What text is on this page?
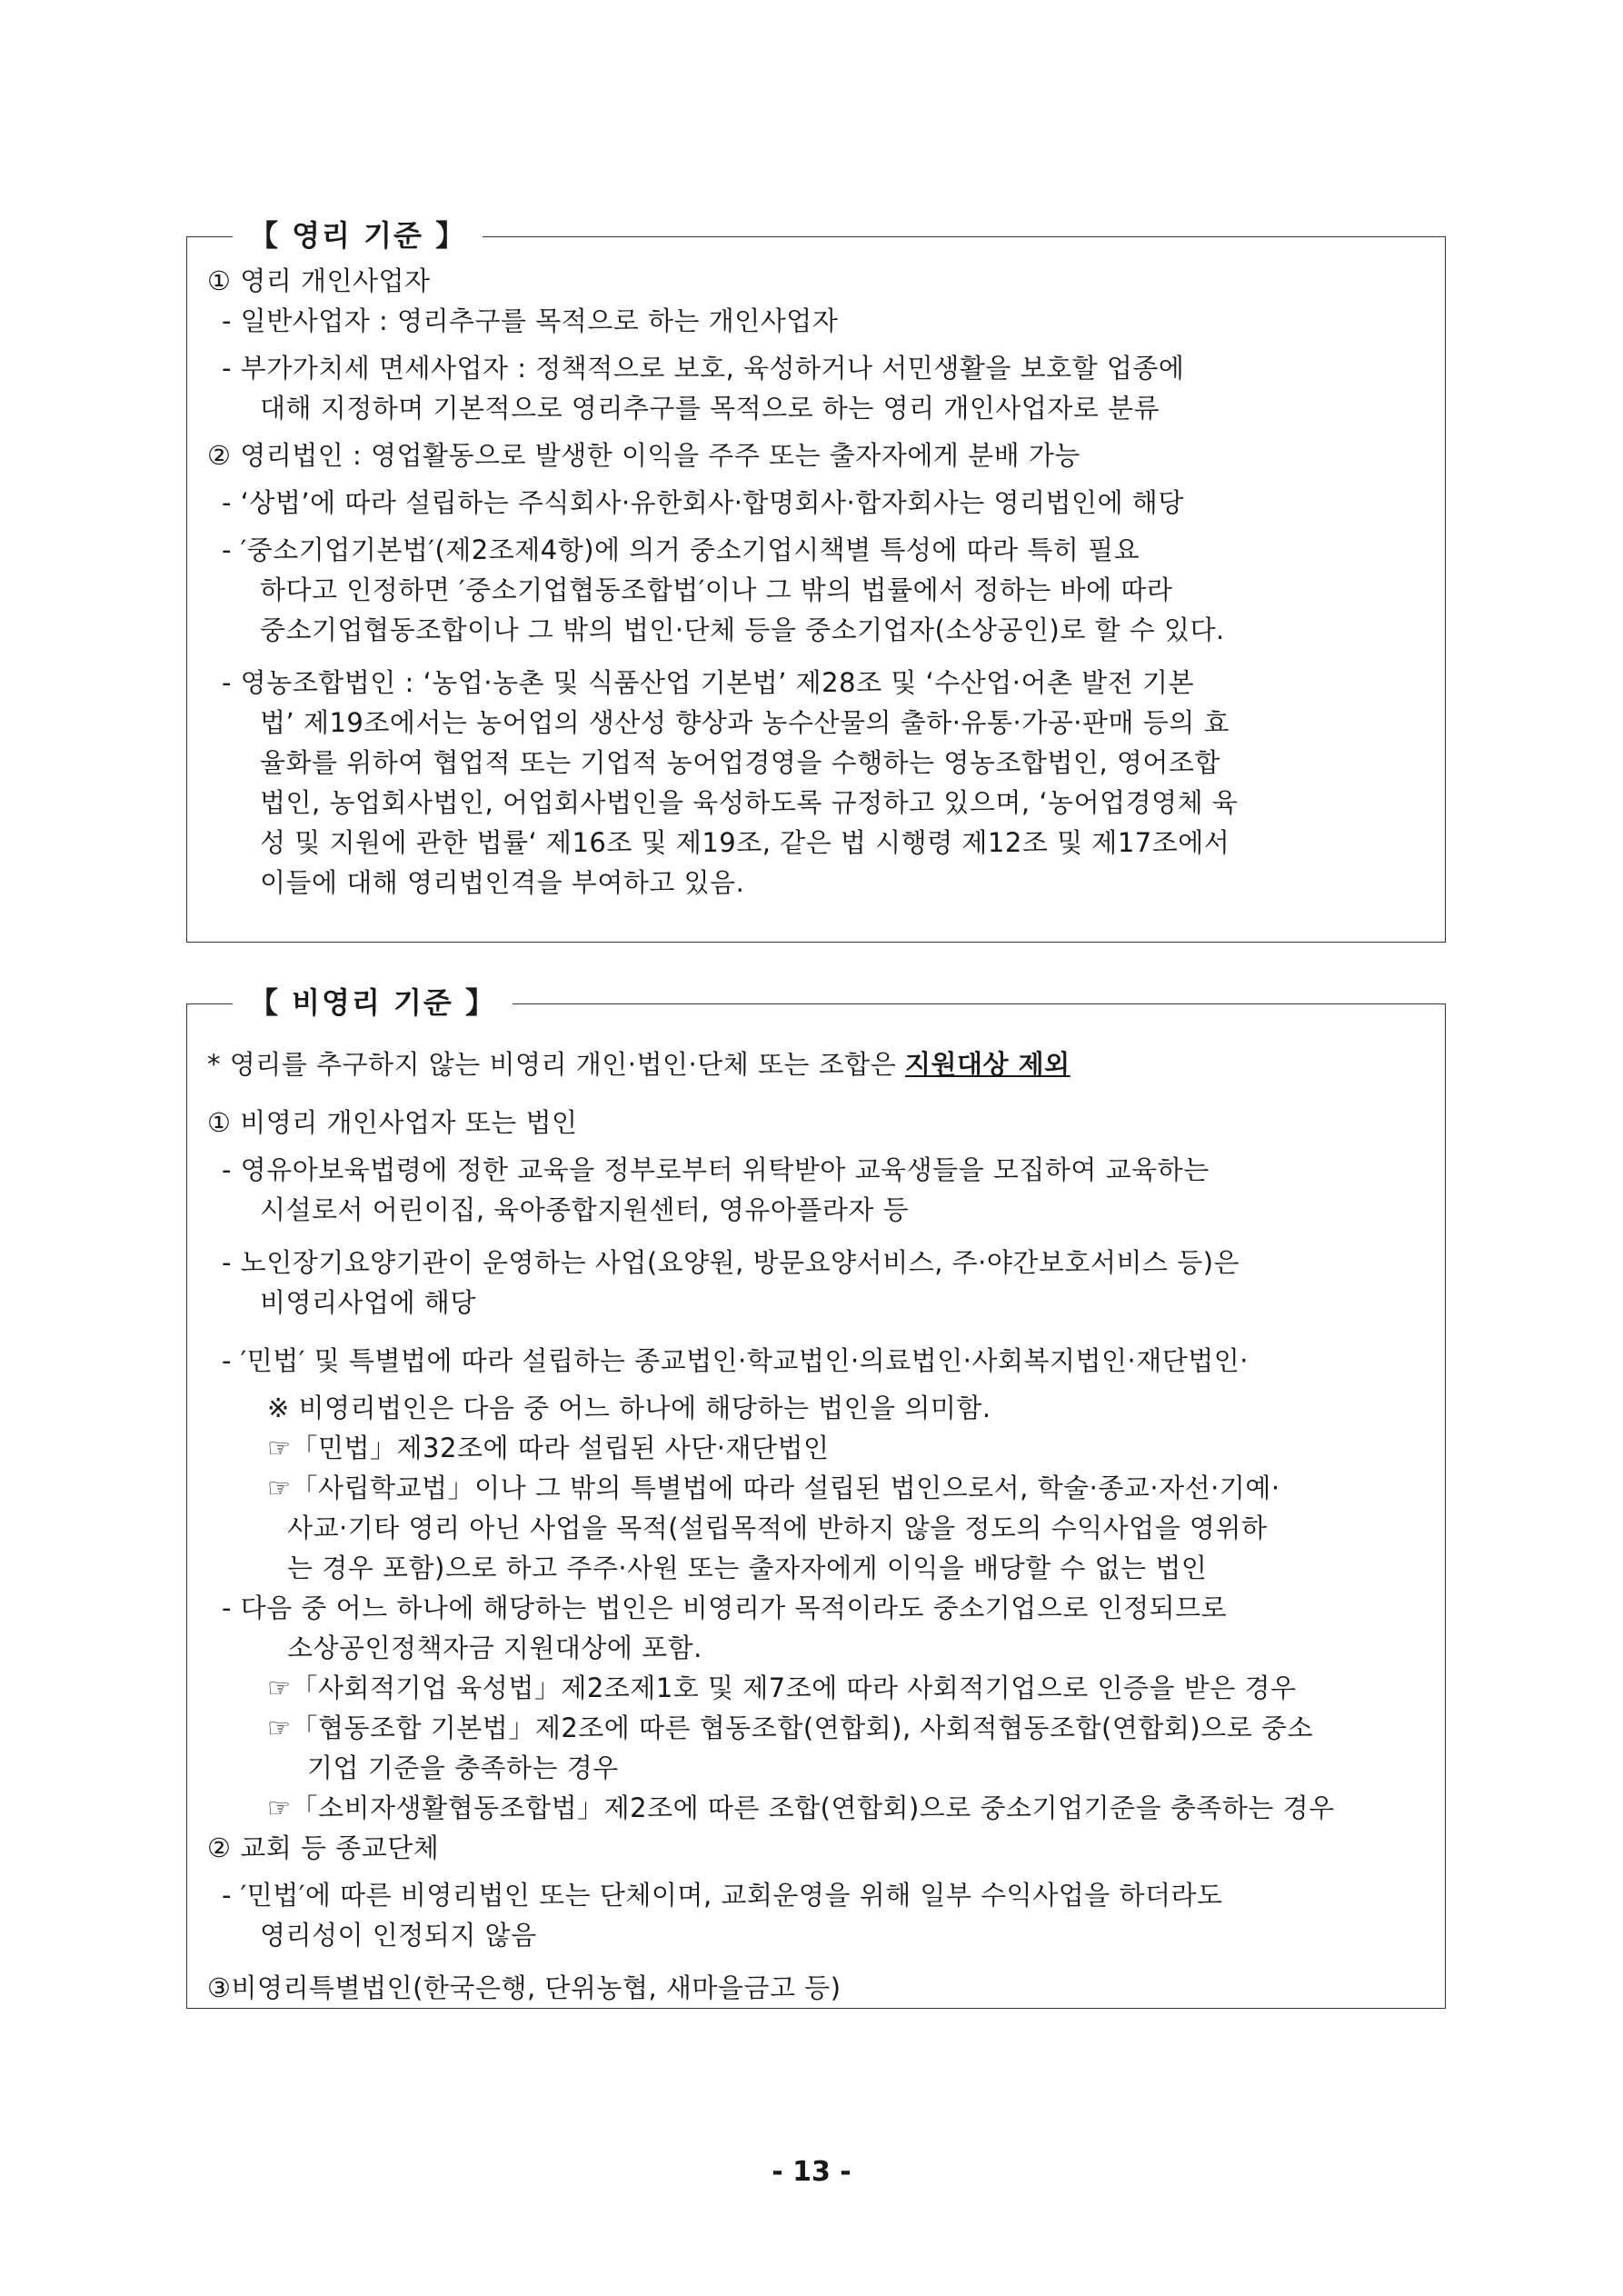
【 영리 기준 】
① 영리 개인사업자
- 일반사업자 : 영리추구를 목적으로 하는 개인사업자
- 부가가치세 면세사업자 : 정책적으로 보호, 육성하거나 서민생활을 보호할 업종에
대해 지정하며 기본적으로 영리추구를 목적으로 하는 영리 개인사업자로 분류
② 영리법인 : 영업활동으로 발생한 이익을 주주 또는 출자자에게 분배 가능
- ‘상법’에 따라 설립하는 주식회사·유한회사·합명회사·합자회사는 영리법인에 해당
- ′중소기업기본법′(제2조제4항)에 의거 중소기업시책별 특성에 따라 특히 필요
하다고 인정하면 ′중소기업협동조합법′이나 그 밖의 법률에서 정하는 바에 따라
중소기업협동조합이나 그 밖의 법인·단체 등을 중소기업자(소상공인)로 할 수 있다.
- 영농조합법인 : ‘농업·농촌 및 식품산업 기본법’ 제28조 및 ‘수산업·어촌 발전 기본
법’ 제19조에서는 농어업의 생산성 향상과 농수산물의 출하·유통·가공·판매 등의 효
율화를 위하여 협업적 또는 기업적 농어업경영을 수행하는 영농조합법인, 영어조합
법인, 농업회사법인, 어업회사법인을 육성하도록 규정하고 있으며, ‘농어업경영체 육
성 및 지원에 관한 법률‘ 제16조 및 제19조, 같은 법 시행령 제12조 및 제17조에서
이들에 대해 영리법인격을 부여하고 있음.
【 비영리 기준 】
* 영리를 추구하지 않는 비영리 개인·법인·단체 또는 조합은 지원대상 제외
① 비영리 개인사업자 또는 법인
- 영유아보육법령에 정한 교육을 정부로부터 위탁받아 교육생들을 모집하여 교육하는
시설로서 어린이집, 육아종합지원센터, 영유아플라자 등
- 노인장기요양기관이 운영하는 사업(요양원, 방문요양서비스, 주·야간보호서비스 등)은
비영리사업에 해당
- ′민법′ 및 특별법에 따라 설립하는 종교법인·학교법인·의료법인·사회복지법인·재단법인·
※ 비영리법인은 다음 중 어느 하나에 해당하는 법인을 의미함.
☞「민법」제32조에 따라 설립된 사단·재단법인
☞「사립학교법」이나 그 밖의 특별법에 따라 설립된 법인으로서, 학술·종교·자선·기예·
사교·기타 영리 아닌 사업을 목적(설립목적에 반하지 않을 정도의 수익사업을 영위하
는 경우 포함)으로 하고 주주·사원 또는 출자자에게 이익을 배당할 수 없는 법인
- 다음 중 어느 하나에 해당하는 법인은 비영리가 목적이라도 중소기업으로 인정되므로
소상공인정책자금 지원대상에 포함.
☞「사회적기업 육성법」제2조제1호 및 제7조에 따라 사회적기업으로 인증을 받은 경우
☞「협동조합 기본법」제2조에 따른 협동조합(연합회), 사회적협동조합(연합회)으로 중소
기업 기준을 충족하는 경우
☞「소비자생활협동조합법」제2조에 따른 조합(연합회)으로 중소기업기준을 충족하는 경우
② 교회 등 종교단체
- ′민법′에 따른 비영리법인 또는 단체이며, 교회운영을 위해 일부 수익사업을 하더라도
영리성이 인정되지 않음
③비영리특별법인(한국은행, 단위농협, 새마을금고 등)
- 13 -
